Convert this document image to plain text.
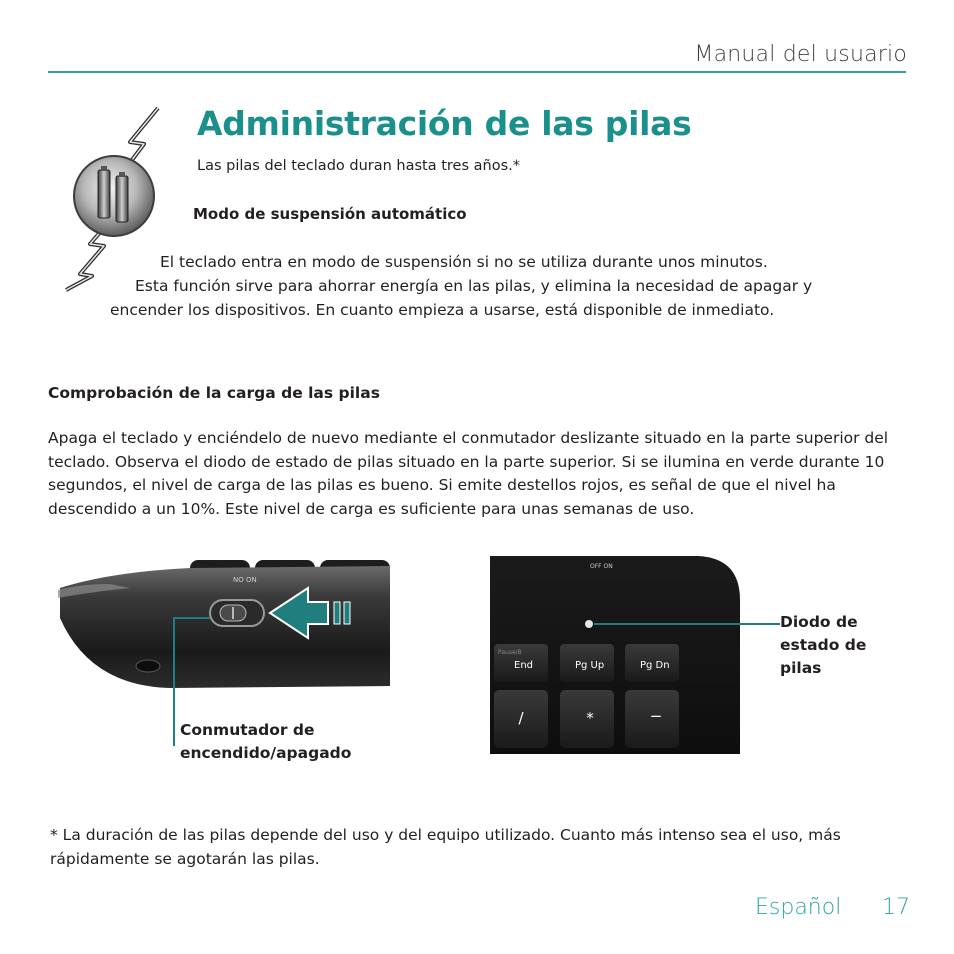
Manual del usuario
Administración de las pilas
Las pilas del teclado duran hasta tres años.*
Modo de suspensión automático
El teclado entra en modo de suspensión si no se utiliza durante unos minutos.
Esta función sirve para ahorrar energía en las pilas, y elimina la necesidad de apagar y
encender los dispositivos. En cuanto empieza a usarse, está disponible de inmediato.
Comprobación de la carga de las pilas
Apaga el teclado y enciéndelo de nuevo mediante el conmutador deslizante situado en la parte superior del teclado. Observa el diodo de estado de pilas situado en la parte superior. Si se ilumina en verde durante 10 segundos, el nivel de carga de las pilas es bueno. Si emite destellos rojos, es señal de que el nivel ha descendido a un 10%. Este nivel de carga es suficiente para unas semanas de uso.
NO ON
Conmutador de encendido/apagado
OFF ON
Pause/B
End	Pg Up	Pg Dn
/	*	−
Diodo de estado de pilas
* La duración de las pilas depende del uso y del equipo utilizado. Cuanto más intenso sea el uso, más rápidamente se agotarán las pilas.
Español 17
